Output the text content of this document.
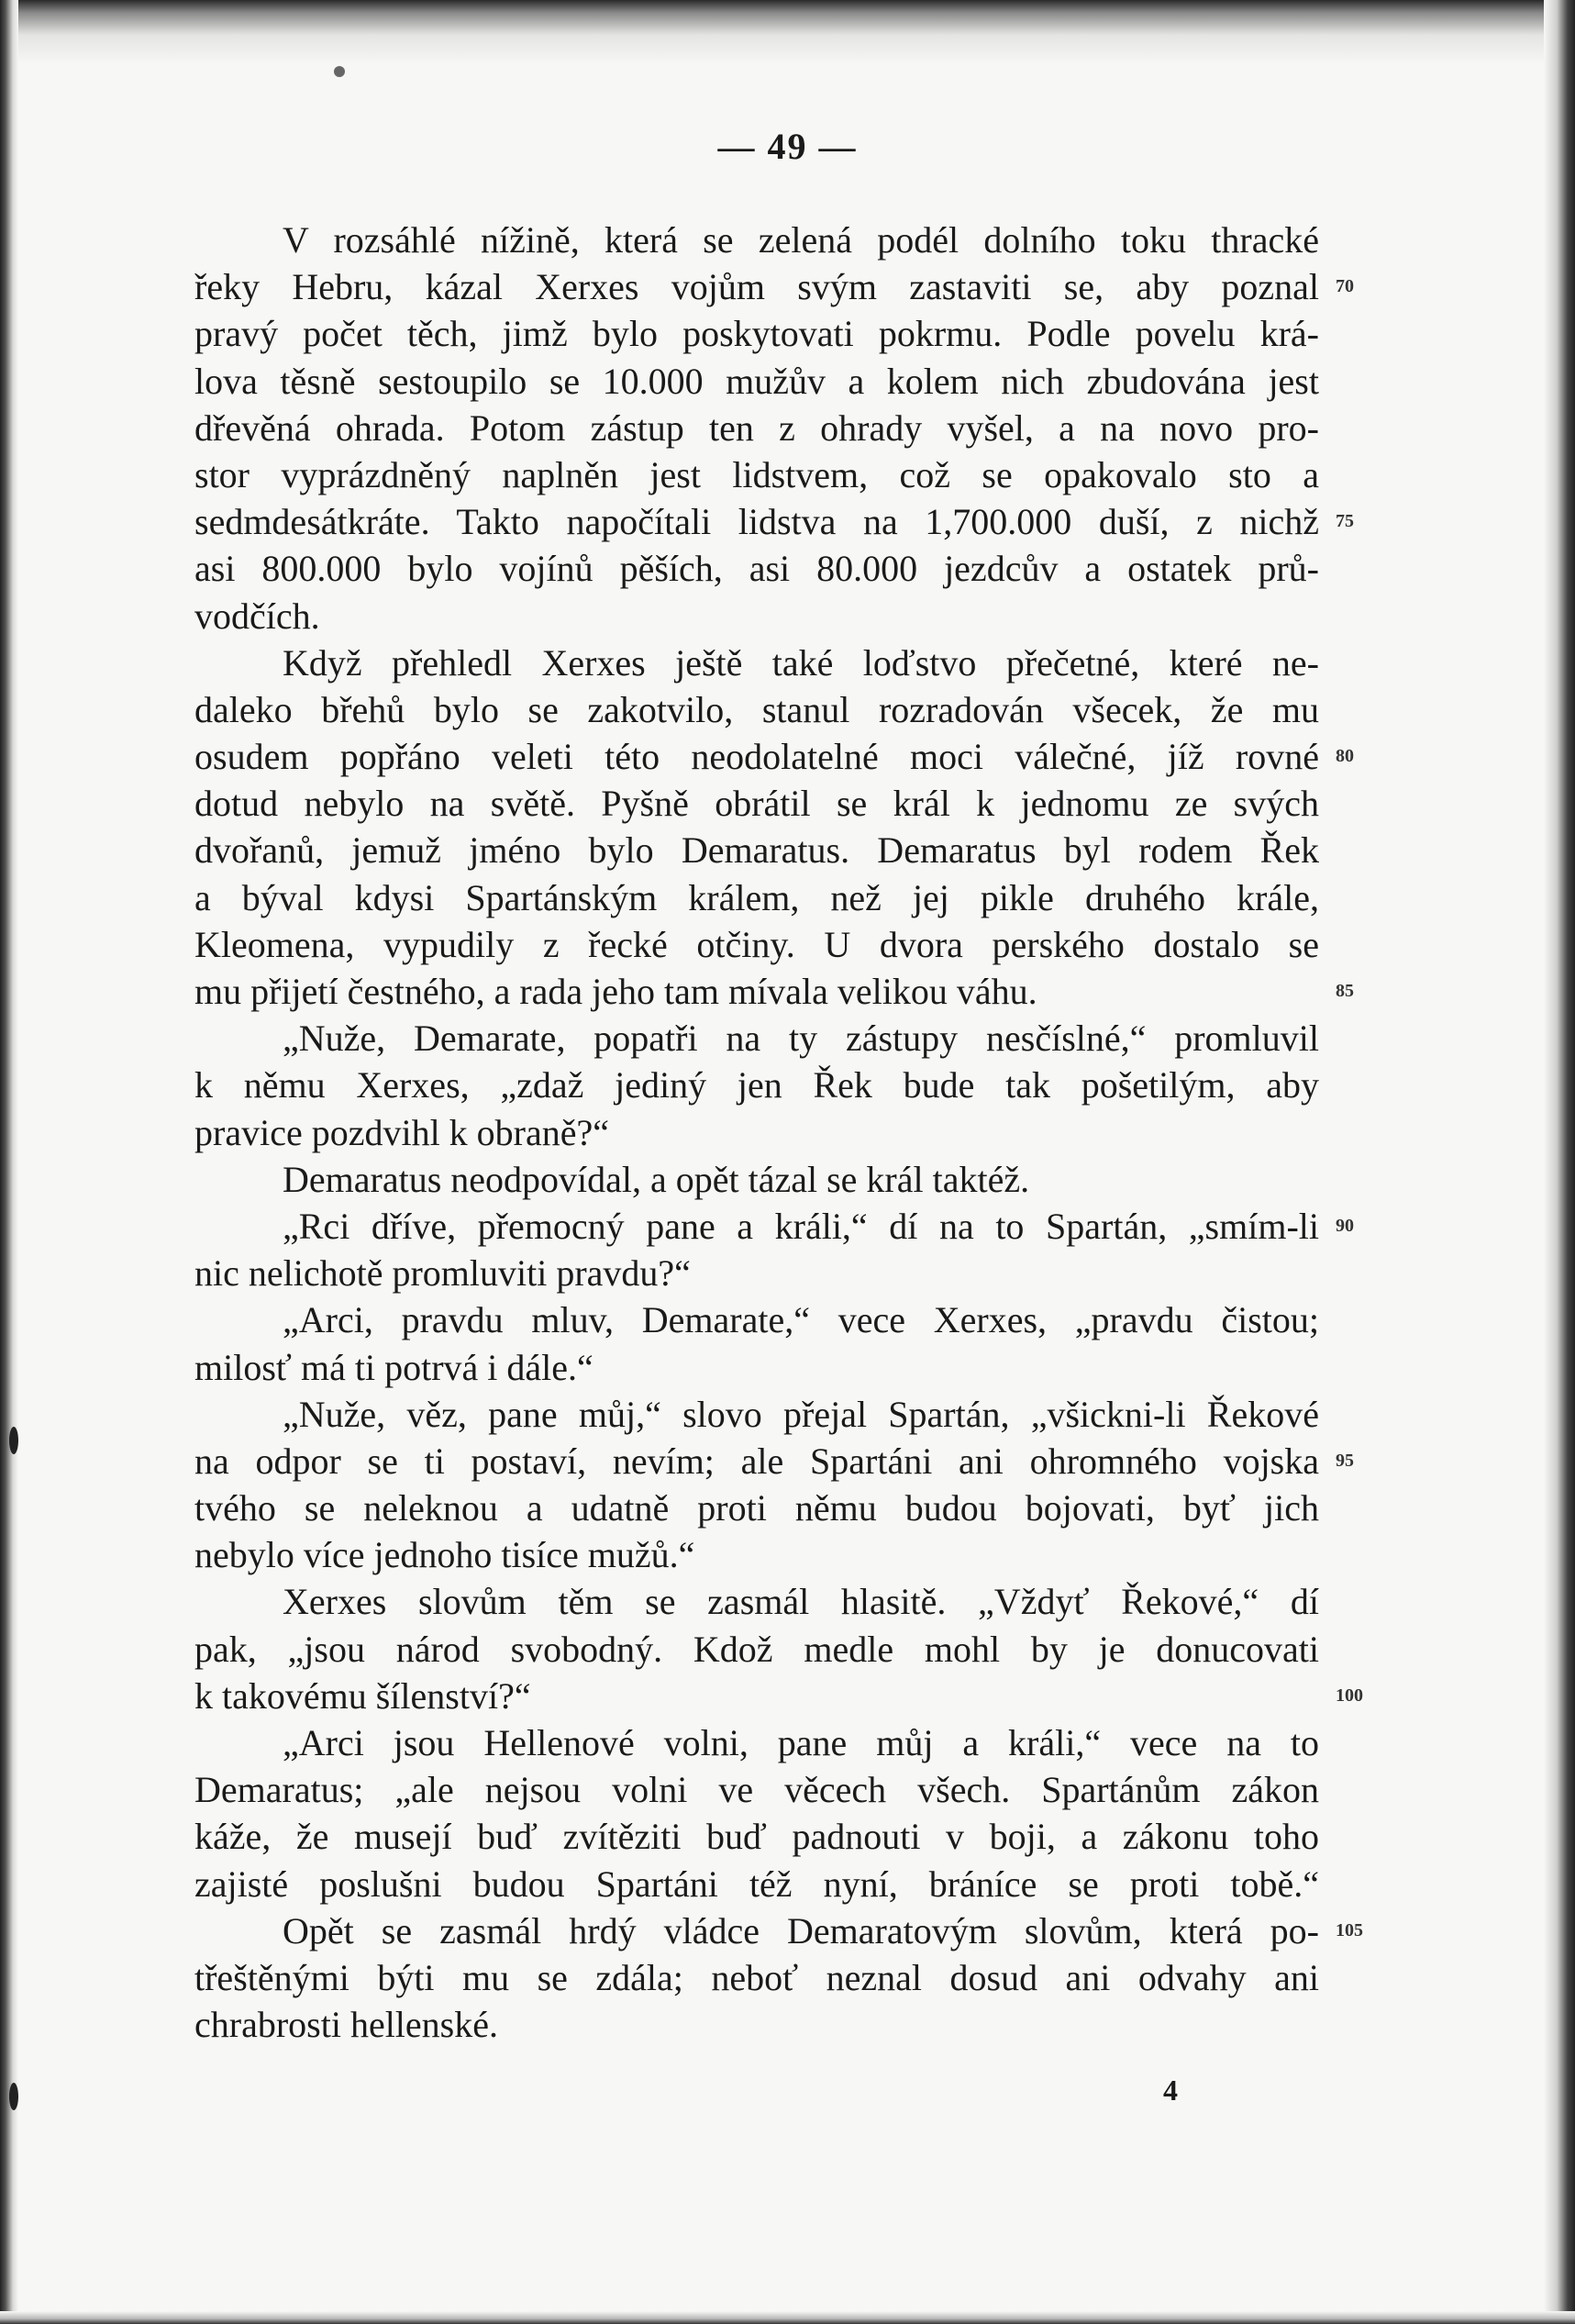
— 49 —
V rozsáhlé nížině, která se zelená podél dolního toku thracké
řeky Hebru, kázal Xerxes vojům svým zastaviti se, aby poznal
pravý počet těch, jimž bylo poskytovati pokrmu. Podle povelu krá-
lova těsně sestoupilo se 10.000 mužův a kolem nich zbudována jest
dřevěná ohrada. Potom zástup ten z ohrady vyšel, a na novo pro-
stor vyprázdněný naplněn jest lidstvem, což se opakovalo sto a
sedmdesátkráte. Takto napočítali lidstva na 1,700.000 duší, z nichž
asi 800.000 bylo vojínů pěších, asi 80.000 jezdcův a ostatek prů-
vodčích.
Když přehledl Xerxes ještě také loďstvo přečetné, které ne-
daleko břehů bylo se zakotvilo, stanul rozradován všecek, že mu
osudem popřáno veleti této neodolatelné moci válečné, jíž rovné
dotud nebylo na světě. Pyšně obrátil se král k jednomu ze svých
dvořanů, jemuž jméno bylo Demaratus. Demaratus byl rodem Řek
a býval kdysi Spartánským králem, než jej pikle druhého krále,
Kleomena, vypudily z řecké otčiny. U dvora perského dostalo se
mu přijetí čestného, a rada jeho tam mívala velikou váhu.
„Nuže, Demarate, popatři na ty zástupy nesčíslné,“ promluvil
k němu Xerxes, „zdaž jediný jen Řek bude tak pošetilým, aby
pravice pozdvihl k obraně?“
Demaratus neodpovídal, a opět tázal se král taktéž.
„Rci dříve, přemocný pane a králi,“ dí na to Spartán, „smím-li
nic nelichotě promluviti pravdu?“
„Arci, pravdu mluv, Demarate,“ vece Xerxes, „pravdu čistou;
milosť má ti potrvá i dále.“
„Nuže, věz, pane můj,“ slovo přejal Spartán, „všickni-li Řekové
na odpor se ti postaví, nevím; ale Spartáni ani ohromného vojska
tvého se neleknou a udatně proti němu budou bojovati, byť jich
nebylo více jednoho tisíce mužů.“
Xerxes slovům těm se zasmál hlasitě. „Vždyť Řekové,“ dí
pak, „jsou národ svobodný. Kdož medle mohl by je donucovati
k takovému šílenství?“
„Arci jsou Hellenové volni, pane můj a králi,“ vece na to
Demaratus; „ale nejsou volni ve věcech všech. Spartánům zákon
káže, že musejí buď zvítěziti buď padnouti v boji, a zákonu toho
zajisté poslušni budou Spartáni též nyní, bráníce se proti tobě.“
Opět se zasmál hrdý vládce Demaratovým slovům, která po-
třeštěnými býti mu se zdála; neboť neznal dosud ani odvahy ani
chrabrosti hellenské.
4
70
75
80
85
90
95
100
105
